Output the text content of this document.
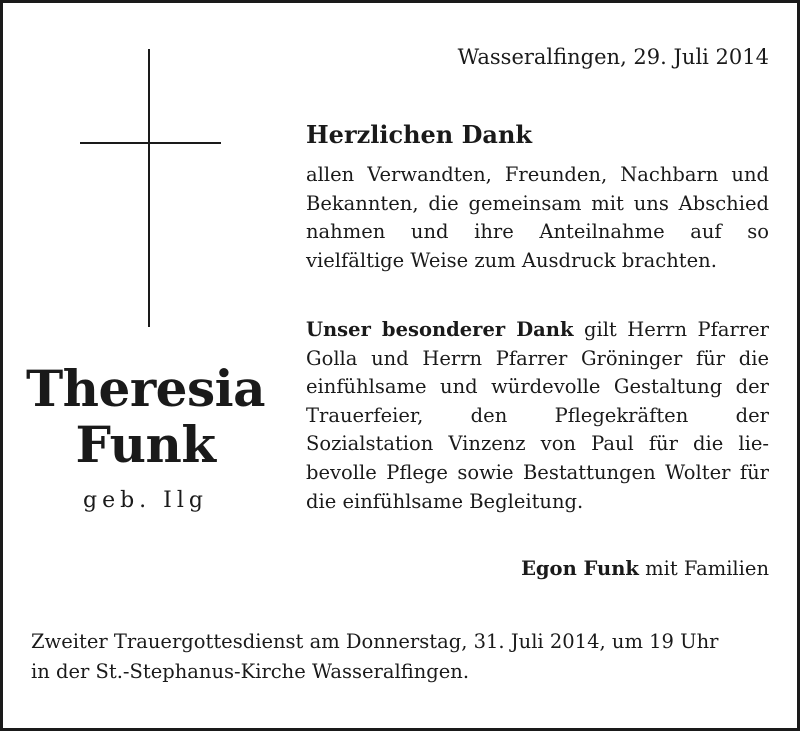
Wasseralfingen, 29. Juli 2014
Theresia
Funk
geb. Ilg
Herzlichen Dank
allen Verwandten, Freunden, Nachbarn und Bekannten, die gemeinsam mit uns Abschied nahmen und ihre Anteilnahme auf so vielfältige Weise zum Ausdruck brachten.
Unser besonderer Dank gilt Herrn Pfarrer Golla und Herrn Pfarrer Gröninger für die einfühlsame und würdevolle Gestaltung der Trauerfeier, den Pflegekräften der Sozialstation Vinzenz von Paul für die liebevolle Pflege sowie Bestattungen Wolter für die einfühlsame Begleitung.
Egon Funk mit Familien
Zweiter Trauergottesdienst am Donnerstag, 31. Juli 2014, um 19 Uhr
in der St.-Stephanus-Kirche Wasseralfingen.
